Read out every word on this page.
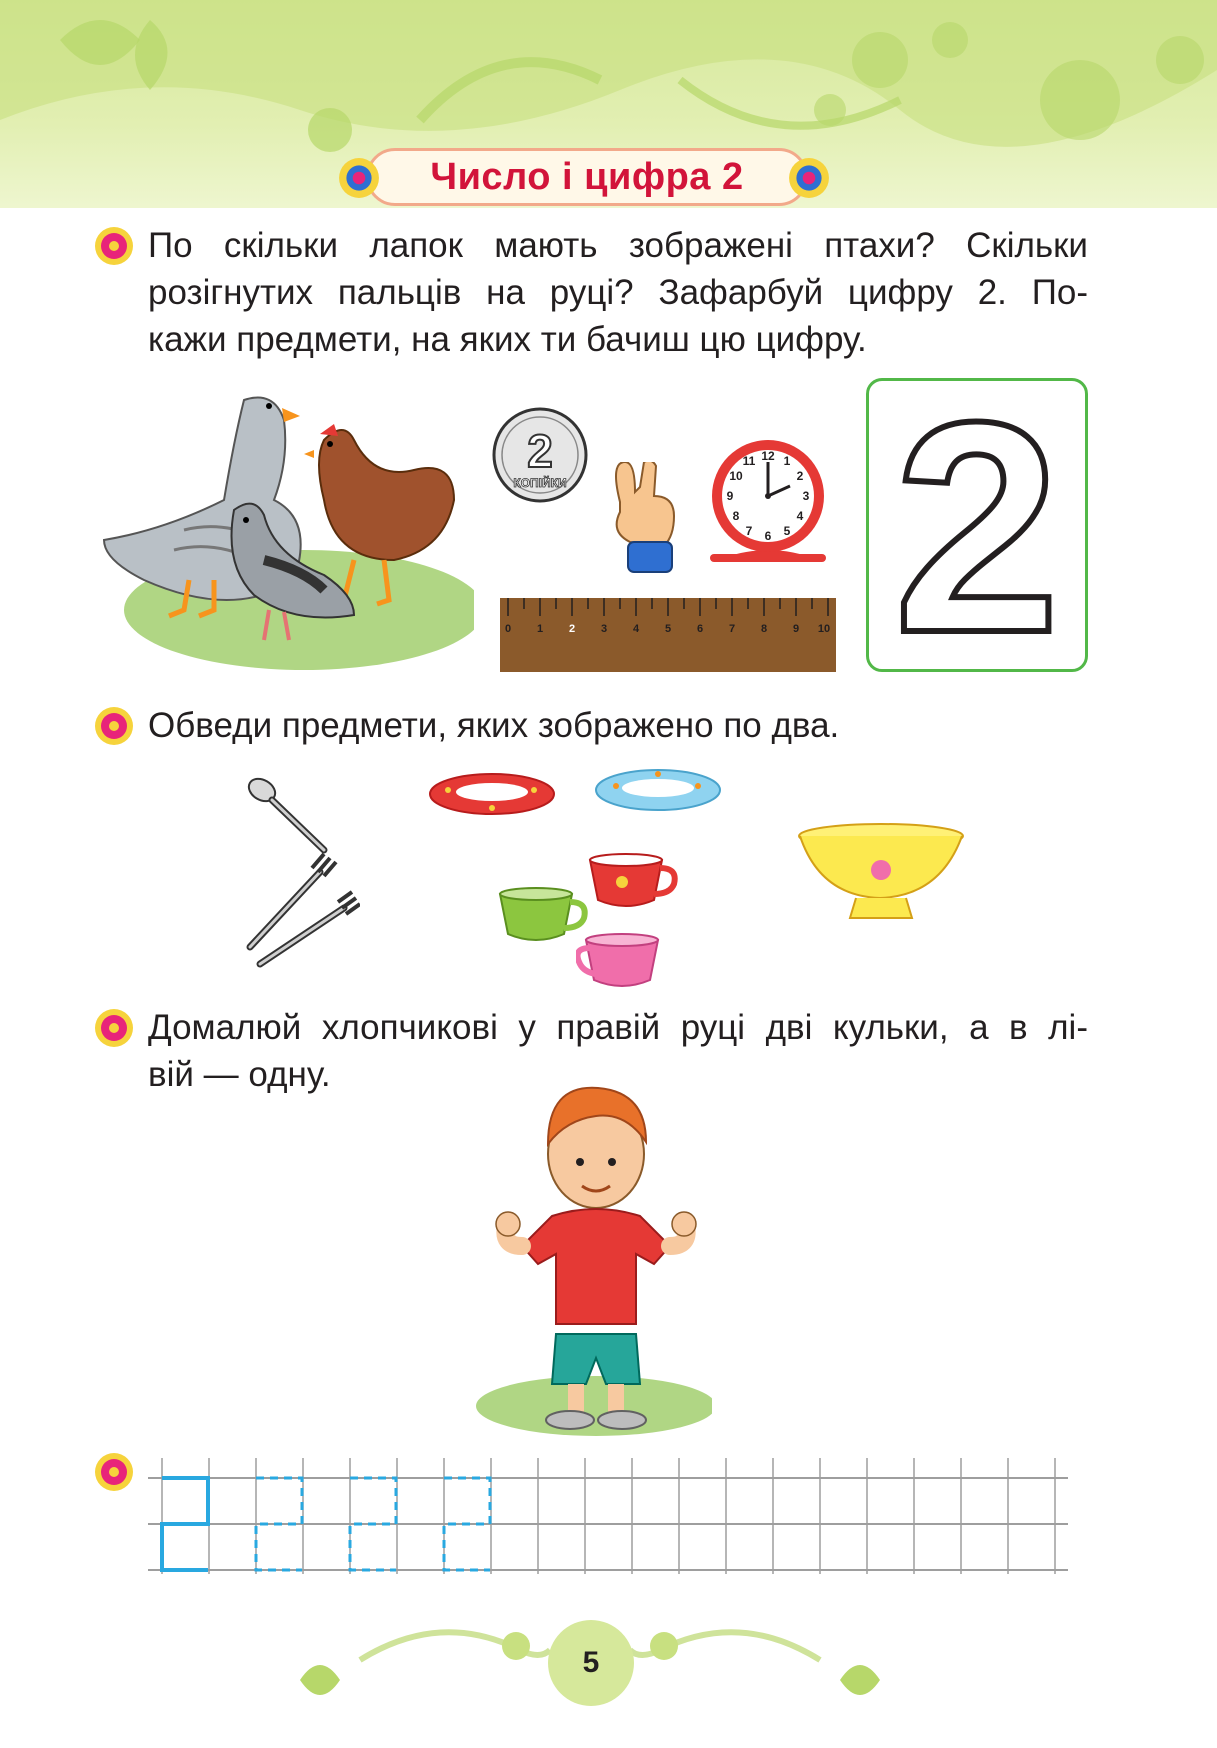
Число і цифра 2

По скільки лапок мають зображені птахи? Скільки

розігнутих пальців на руці? Зафарбуй цифру 2. По-

кажи предмети, на яких ти бачиш цю цифру.

2
КОПІЙКИ
12 1
2
3
4
5
6
7
8
9
10
11
0 1 2 3 4 5 6 7 8 9 10 2

Обведи предмети, яких зображено по два.

Домалюй хлопчикові у правій руці дві кульки, а в лі-

вій — одну.

5
